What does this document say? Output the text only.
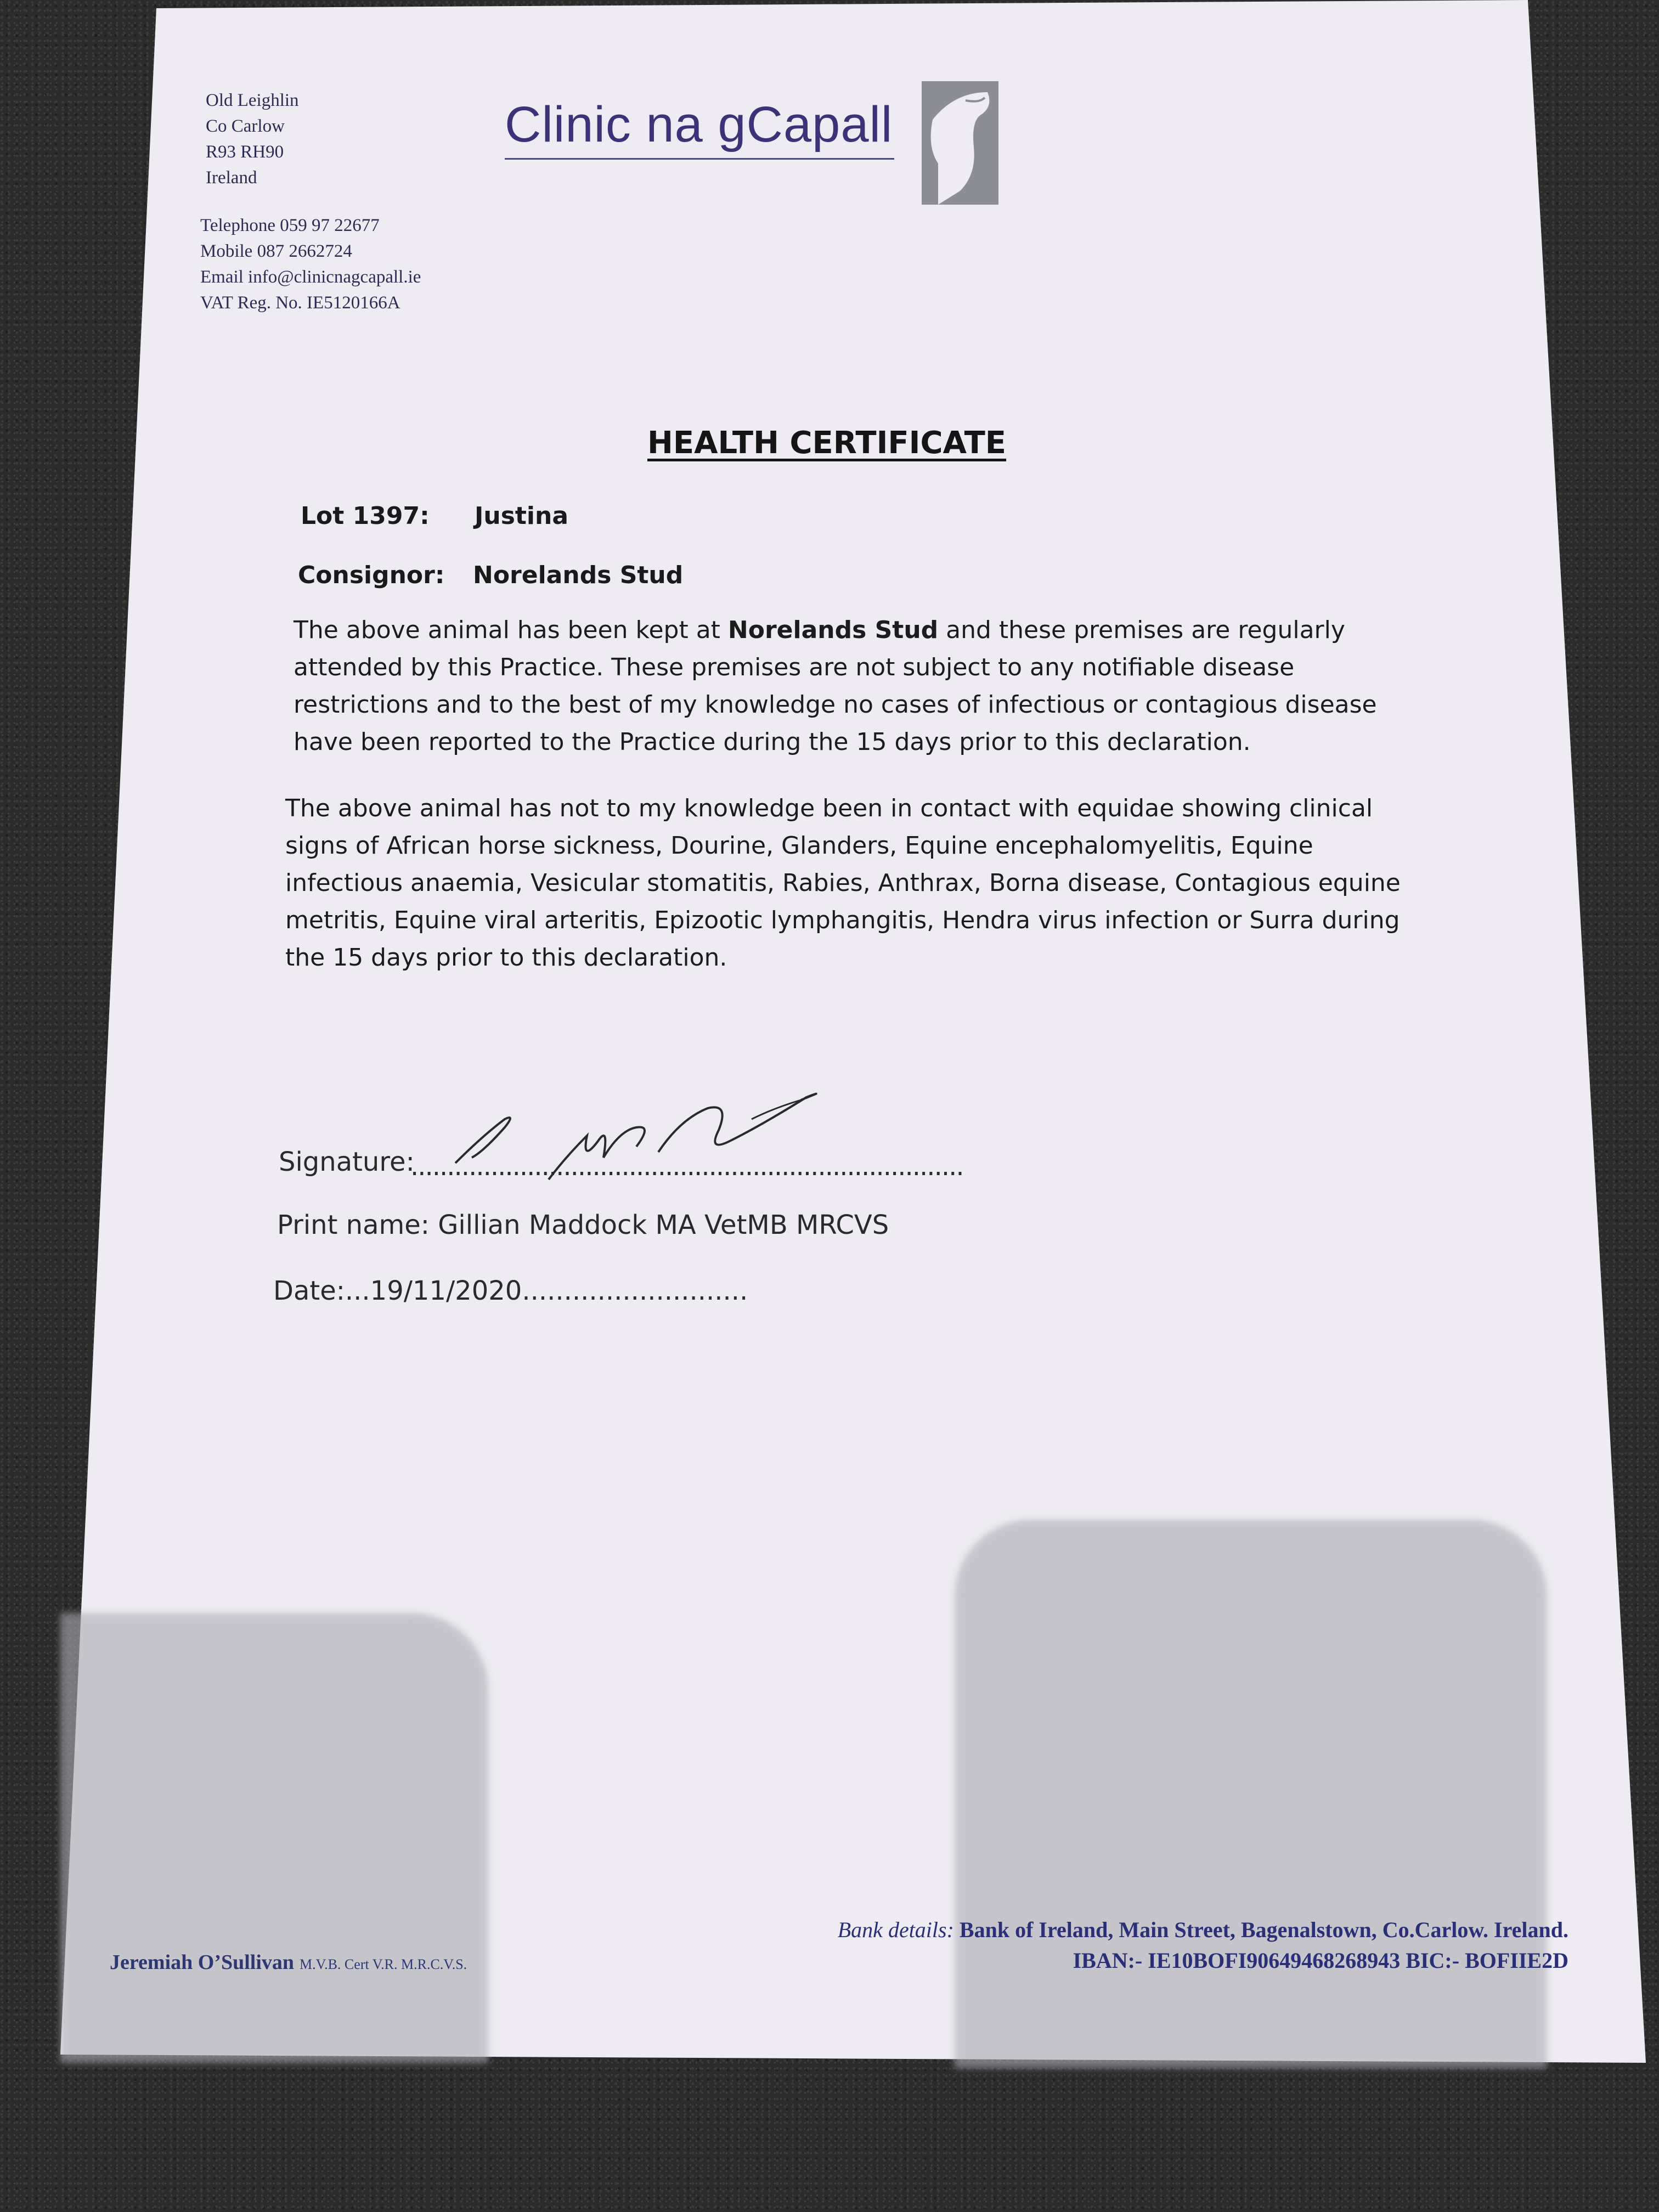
Old Leighlin
Co Carlow
R93 RH90
Ireland
Telephone 059 97 22677
Mobile 087 2662724
Email info@clinicnagcapall.ie
VAT Reg. No. IE5120166A
Clinic na gCapall
HEALTH CERTIFICATE
Lot 1397: Justina
Consignor: Norelands Stud

The above animal has been kept at Norelands Stud and these premises are regularly attended by this Practice. These premises are not subject to any notifiable disease restrictions and to the best of my knowledge no cases of infectious or contagious disease have been reported to the Practice during the 15 days prior to this declaration.

The above animal has not to my knowledge been in contact with equidae showing clinical signs of African horse sickness, Dourine, Glanders, Equine encephalomyelitis, Equine infectious anaemia, Vesicular stomatitis, Rabies, Anthrax, Borna disease, Contagious equine metritis, Equine viral arteritis, Epizootic lymphangitis, Hendra virus infection or Surra during the 15 days prior to this declaration.

Signature:
............................................................................
Print name: Gillian Maddock MA VetMB MRCVS
Date:...19/11/2020...........................
Jeremiah O’Sullivan M.V.B. Cert V.R. M.R.C.V.S.
Bank details: Bank of Ireland, Main Street, Bagenalstown, Co.Carlow. Ireland.
IBAN:- IE10BOFI90649468268943 BIC:- BOFIIE2D
